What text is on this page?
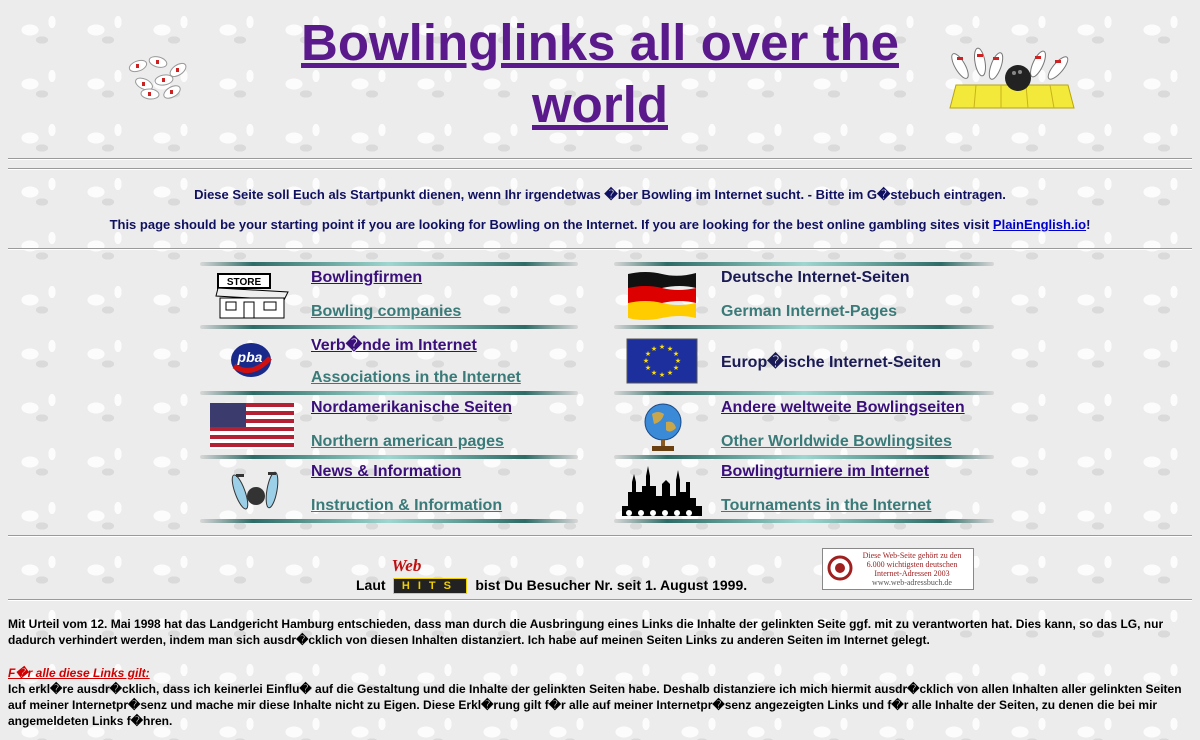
Bowlinglinks all over the world
Diese Seite soll Euch als Startpunkt dienen, wenn Ihr irgendetwas �ber Bowling im Internet sucht. - Bitte im G�stebuch eintragen.
This page should be your starting point if you are looking for Bowling on the Internet. If you are looking for the best online gambling sites visit PlainEnglish.io!
STORE	Bowlingfirmen
Bowling companies
Deutsche Internet-Seiten
German Internet-Pages
pba
Verb�nde im Internet
Associations in the Internet
★ ★
★
★
★
★
★
★
★
★
★
★
Europ�ische Internet-Seiten
Nordamerikanische Seiten
Northern american pages
Andere weltweite Bowlingseiten
Other Worldwide Bowlingsites
News & Information
Instruction & Information
Bowlingturniere im Internet
Tournaments in the Internet
Laut
Web
HITS	bist Du Besucher Nr. seit 1. August 1999.
Diese Web-Seite gehört zu den
6.000 wichtigsten deutschen
Internet-Adressen 2003
www.web-adressbuch.de
Mit Urteil vom 12. Mai 1998 hat das Landgericht Hamburg entschieden, dass man durch die Ausbringung eines Links die Inhalte der gelinkten Seite ggf. mit zu verantworten hat. Dies kann, so das LG, nur dadurch verhindert werden, indem man sich ausdr�cklich von diesen Inhalten distanziert. Ich habe auf meinen Seiten Links zu anderen Seiten im Internet gelegt.
F�r alle diese Links gilt:
Ich erkl�re ausdr�cklich, dass ich keinerlei Einflu� auf die Gestaltung und die Inhalte der gelinkten Seiten habe. Deshalb distanziere ich mich hiermit ausdr�cklich von allen Inhalten aller gelinkten Seiten auf meiner Internetpr�senz und mache mir diese Inhalte nicht zu Eigen. Diese Erkl�rung gilt f�r alle auf meiner Internetpr�senz angezeigten Links und f�r alle Inhalte der Seiten, zu denen die bei mir angemeldeten Links f�hren.
